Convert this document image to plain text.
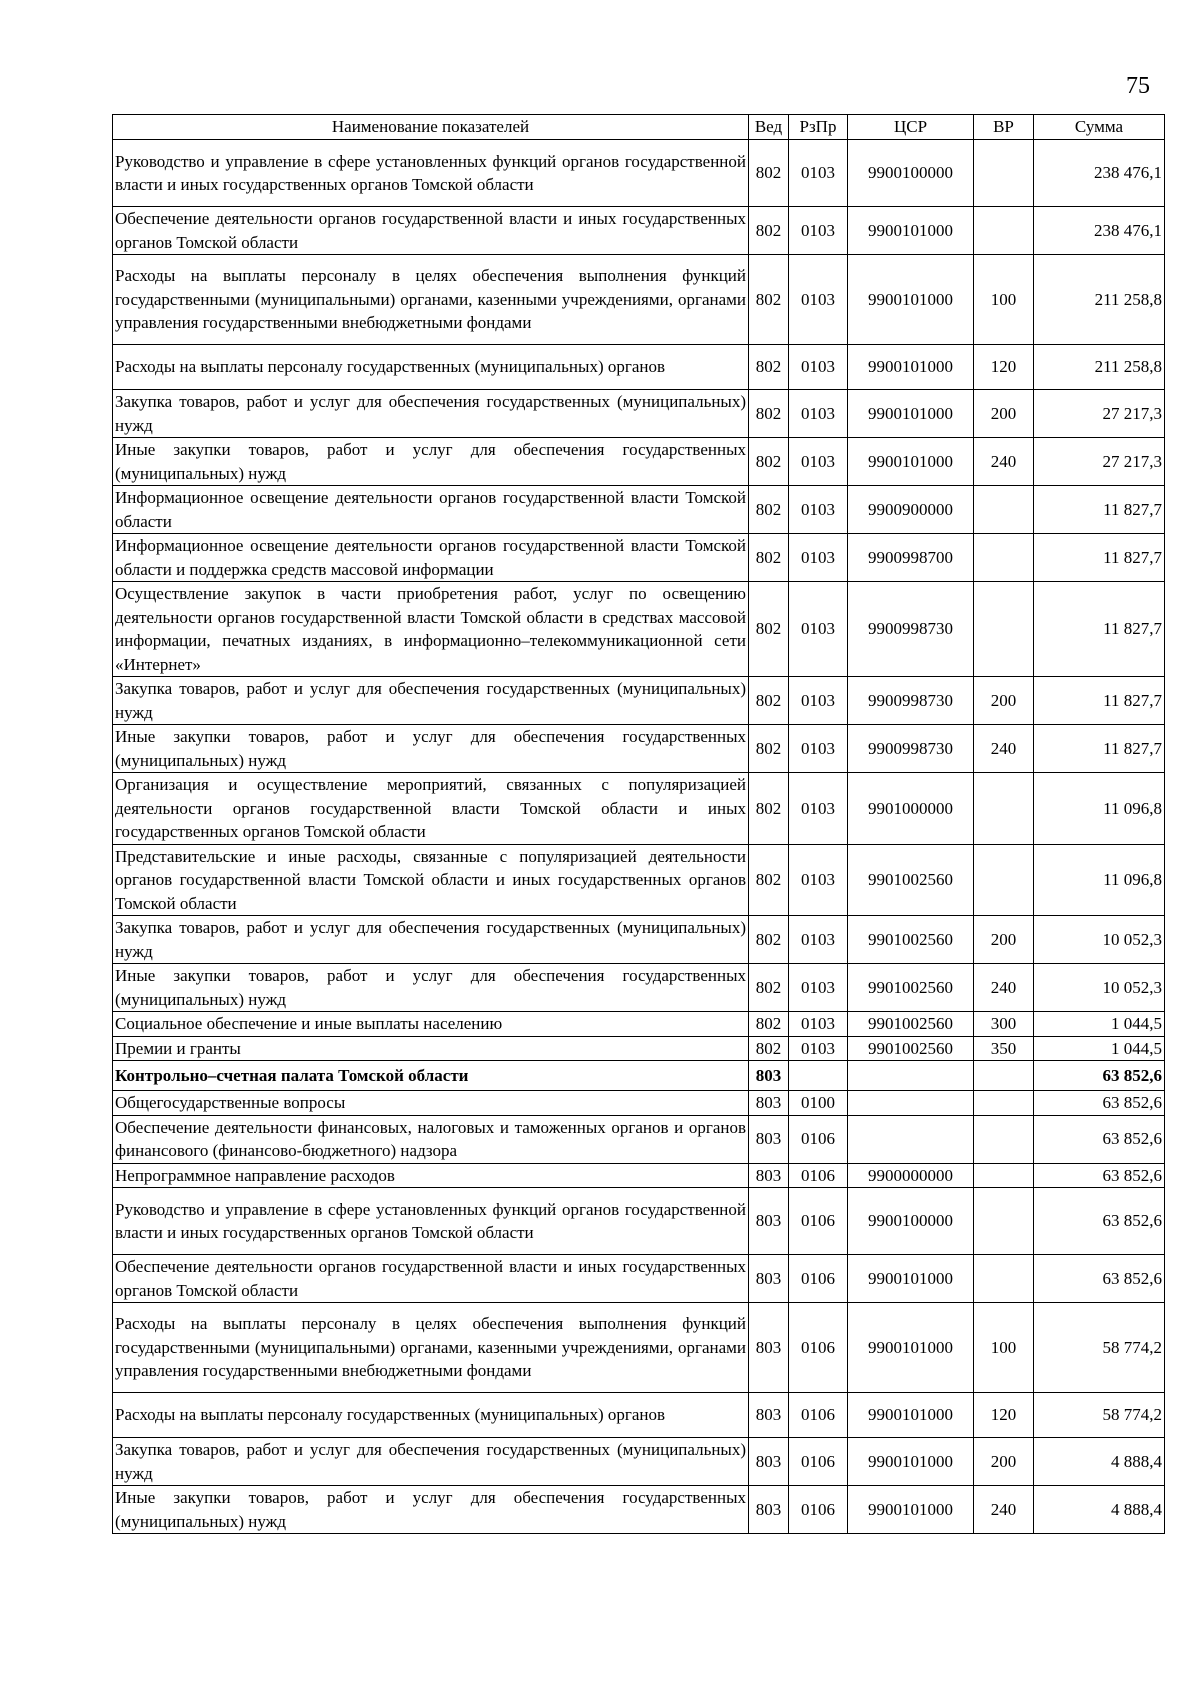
75
Наименование показателей	Вед	РзПр	ЦСР	ВР	Сумма
Руководство и управление в сфере установленных функций органов государственной власти и иных государственных органов Томской области	802	0103	9900100000		238 476,1
Обеспечение деятельности органов государственной власти и иных государственных органов Томской области	802	0103	9900101000		238 476,1
Расходы на выплаты персоналу в целях обеспечения выполнения функций государственными (муниципальными) органами, казенными учреждениями, органами управления государственными внебюджетными фондами	802	0103	9900101000	100	211 258,8
Расходы на выплаты персоналу государственных (муниципальных) органов	802	0103	9900101000	120	211 258,8
Закупка товаров, работ и услуг для обеспечения государственных (муниципальных) нужд	802	0103	9900101000	200	27 217,3
Иные закупки товаров, работ и услуг для обеспечения государственных (муниципальных) нужд	802	0103	9900101000	240	27 217,3
Информационное освещение деятельности органов государственной власти Томской области	802	0103	9900900000		11 827,7
Информационное освещение деятельности органов государственной власти Томской области и поддержка средств массовой информации	802	0103	9900998700		11 827,7
Осуществление закупок в части приобретения работ, услуг по освещению деятельности органов государственной власти Томской области в средствах массовой информации, печатных изданиях, в информационно–телекоммуникационной сети «Интернет»	802	0103	9900998730		11 827,7
Закупка товаров, работ и услуг для обеспечения государственных (муниципальных) нужд	802	0103	9900998730	200	11 827,7
Иные закупки товаров, работ и услуг для обеспечения государственных (муниципальных) нужд	802	0103	9900998730	240	11 827,7
Организация и осуществление мероприятий, связанных с популяризацией деятельности органов государственной власти Томской области и иных государственных органов Томской области	802	0103	9901000000		11 096,8
Представительские и иные расходы, связанные с популяризацией деятельности органов государственной власти Томской области и иных государственных органов Томской области	802	0103	9901002560		11 096,8
Закупка товаров, работ и услуг для обеспечения государственных (муниципальных) нужд	802	0103	9901002560	200	10 052,3
Иные закупки товаров, работ и услуг для обеспечения государственных (муниципальных) нужд	802	0103	9901002560	240	10 052,3
Социальное обеспечение и иные выплаты населению	802	0103	9901002560	300	1 044,5
Премии и гранты	802	0103	9901002560	350	1 044,5
Контрольно–счетная палата Томской области	803				63 852,6
Общегосударственные вопросы	803	0100			63 852,6
Обеспечение деятельности финансовых, налоговых и таможенных органов и органов финансового (финансово-бюджетного) надзора	803	0106			63 852,6
Непрограммное направление расходов	803	0106	9900000000		63 852,6
Руководство и управление в сфере установленных функций органов государственной власти и иных государственных органов Томской области	803	0106	9900100000		63 852,6
Обеспечение деятельности органов государственной власти и иных государственных органов Томской области	803	0106	9900101000		63 852,6
Расходы на выплаты персоналу в целях обеспечения выполнения функций государственными (муниципальными) органами, казенными учреждениями, органами управления государственными внебюджетными фондами	803	0106	9900101000	100	58 774,2
Расходы на выплаты персоналу государственных (муниципальных) органов	803	0106	9900101000	120	58 774,2
Закупка товаров, работ и услуг для обеспечения государственных (муниципальных) нужд	803	0106	9900101000	200	4 888,4
Иные закупки товаров, работ и услуг для обеспечения государственных (муниципальных) нужд	803	0106	9900101000	240	4 888,4
